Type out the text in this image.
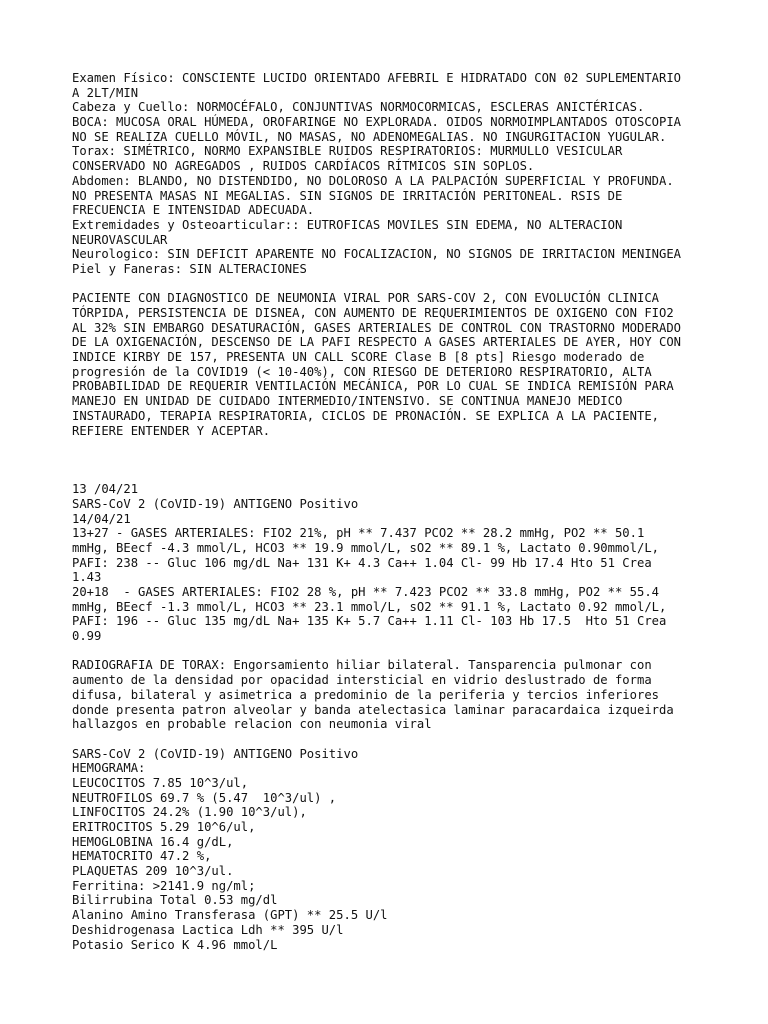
Examen Físico: CONSCIENTE LUCIDO ORIENTADO AFEBRIL E HIDRATADO CON 02 SUPLEMENTARIO
A 2LT/MIN
Cabeza y Cuello: NORMOCÉFALO, CONJUNTIVAS NORMOCORMICAS, ESCLERAS ANICTÉRICAS.
BOCA: MUCOSA ORAL HÚMEDA, OROFARINGE NO EXPLORADA. OIDOS NORMOIMPLANTADOS OTOSCOPIA
NO SE REALIZA CUELLO MÓVIL, NO MASAS, NO ADENOMEGALIAS. NO INGURGITACION YUGULAR.
Torax: SIMÉTRICO, NORMO EXPANSIBLE RUIDOS RESPIRATORIOS: MURMULLO VESICULAR
CONSERVADO NO AGREGADOS , RUIDOS CARDÍACOS RÍTMICOS SIN SOPLOS.
Abdomen: BLANDO, NO DISTENDIDO, NO DOLOROSO A LA PALPACIÓN SUPERFICIAL Y PROFUNDA.
NO PRESENTA MASAS NI MEGALIAS. SIN SIGNOS DE IRRITACIÓN PERITONEAL. RSIS DE
FRECUENCIA E INTENSIDAD ADECUADA.
Extremidades y Osteoarticular:: EUTROFICAS MOVILES SIN EDEMA, NO ALTERACION
NEUROVASCULAR
Neurologico: SIN DEFICIT APARENTE NO FOCALIZACION, NO SIGNOS DE IRRITACION MENINGEA
Piel y Faneras: SIN ALTERACIONES
PACIENTE CON DIAGNOSTICO DE NEUMONIA VIRAL POR SARS-COV 2, CON EVOLUCIÓN CLINICA
TÓRPIDA, PERSISTENCIA DE DISNEA, CON AUMENTO DE REQUERIMIENTOS DE OXIGENO CON FIO2
AL 32% SIN EMBARGO DESATURACIÓN, GASES ARTERIALES DE CONTROL CON TRASTORNO MODERADO
DE LA OXIGENACIÓN, DESCENSO DE LA PAFI RESPECTO A GASES ARTERIALES DE AYER, HOY CON
INDICE KIRBY DE 157, PRESENTA UN CALL SCORE Clase B [8 pts] Riesgo moderado de
progresión de la COVID19 (< 10-40%), CON RIESGO DE DETERIORO RESPIRATORIO, ALTA
PROBABILIDAD DE REQUERIR VENTILACIÓN MECÁNICA, POR LO CUAL SE INDICA REMISIÓN PARA
MANEJO EN UNIDAD DE CUIDADO INTERMEDIO/INTENSIVO. SE CONTINUA MANEJO MEDICO
INSTAURADO, TERAPIA RESPIRATORIA, CICLOS DE PRONACIÓN. SE EXPLICA A LA PACIENTE,
REFIERE ENTENDER Y ACEPTAR.
13 /04/21
SARS-CoV 2 (CoVID-19) ANTIGENO Positivo
14/04/21
13+27 - GASES ARTERIALES: FIO2 21%, pH ** 7.437 PCO2 ** 28.2 mmHg, PO2 ** 50.1
mmHg, BEecf -4.3 mmol/L, HCO3 ** 19.9 mmol/L, sO2 ** 89.1 %, Lactato 0.90mmol/L,
PAFI: 238 -- Gluc 106 mg/dL Na+ 131 K+ 4.3 Ca++ 1.04 Cl- 99 Hb 17.4 Hto 51 Crea
1.43
20+18  - GASES ARTERIALES: FIO2 28 %, pH ** 7.423 PCO2 ** 33.8 mmHg, PO2 ** 55.4
mmHg, BEecf -1.3 mmol/L, HCO3 ** 23.1 mmol/L, sO2 ** 91.1 %, Lactato 0.92 mmol/L,
PAFI: 196 -- Gluc 135 mg/dL Na+ 135 K+ 5.7 Ca++ 1.11 Cl- 103 Hb 17.5  Hto 51 Crea
0.99
RADIOGRAFIA DE TORAX: Engorsamiento hiliar bilateral. Tansparencia pulmonar con
aumento de la densidad por opacidad intersticial en vidrio deslustrado de forma
difusa, bilateral y asimetrica a predominio de la periferia y tercios inferiores
donde presenta patron alveolar y banda atelectasica laminar paracardaica izqueirda
hallazgos en probable relacion con neumonia viral
SARS-CoV 2 (CoVID-19) ANTIGENO Positivo
HEMOGRAMA:
LEUCOCITOS 7.85 10^3/ul,
NEUTROFILOS 69.7 % (5.47  10^3/ul) ,
LINFOCITOS 24.2% (1.90 10^3/ul),
ERITROCITOS 5.29 10^6/ul,
HEMOGLOBINA 16.4 g/dL,
HEMATOCRITO 47.2 %,
PLAQUETAS 209 10^3/ul.
Ferritina: >2141.9 ng/ml;
Bilirrubina Total 0.53 mg/dl
Alanino Amino Transferasa (GPT) ** 25.5 U/l
Deshidrogenasa Lactica Ldh ** 395 U/l
Potasio Serico K 4.96 mmol/L
